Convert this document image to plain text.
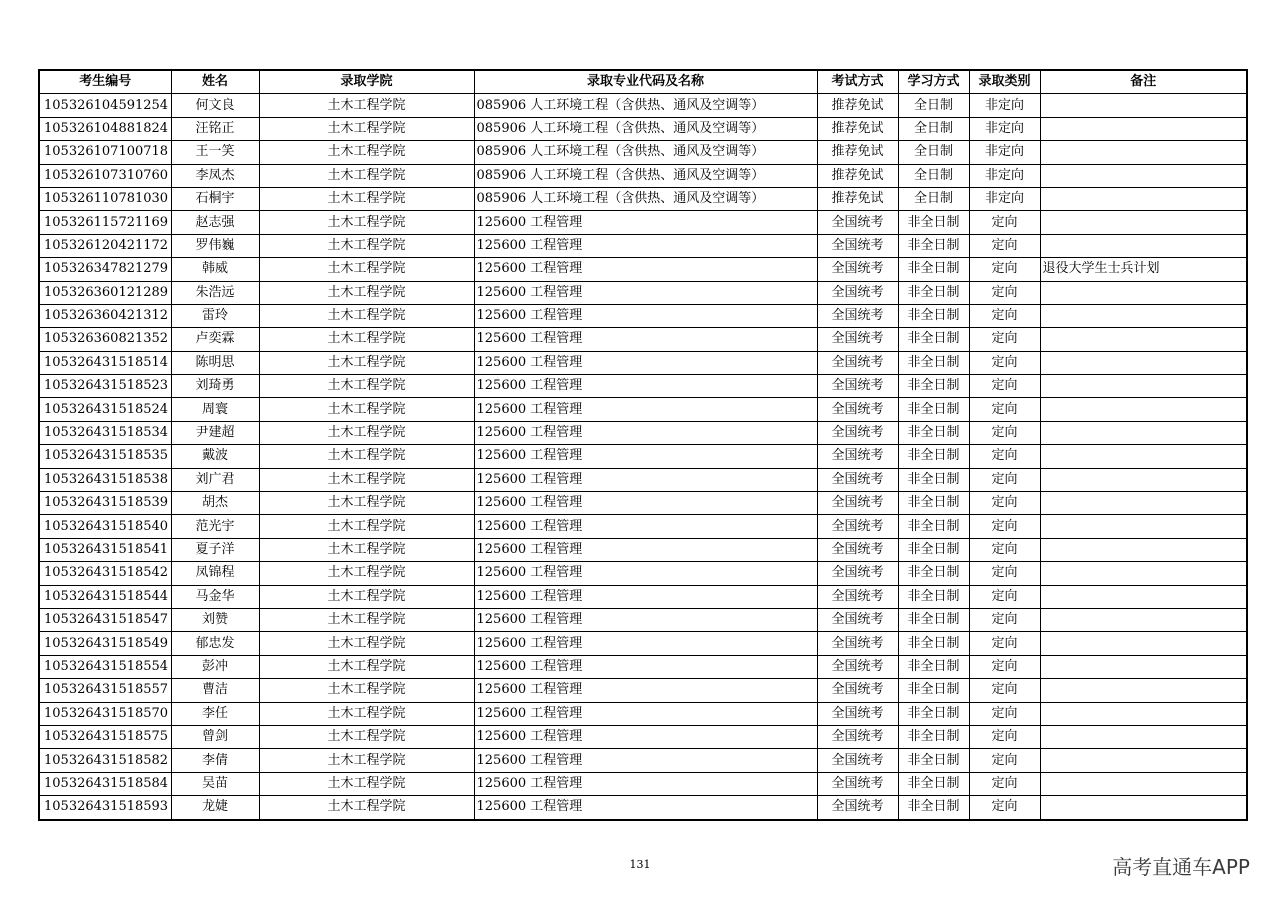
考生编号	姓名	录取学院	录取专业代码及名称	考试方式	学习方式	录取类别	备注
105326104591254	何文良	土木工程学院	085906 人工环境工程（含供热、通风及空调等）	推荐免试	全日制	非定向	
105326104881824	汪铭正	土木工程学院	085906 人工环境工程（含供热、通风及空调等）	推荐免试	全日制	非定向	
105326107100718	王一笑	土木工程学院	085906 人工环境工程（含供热、通风及空调等）	推荐免试	全日制	非定向	
105326107310760	李凤杰	土木工程学院	085906 人工环境工程（含供热、通风及空调等）	推荐免试	全日制	非定向	
105326110781030	石桐宇	土木工程学院	085906 人工环境工程（含供热、通风及空调等）	推荐免试	全日制	非定向	
105326115721169	赵志强	土木工程学院	125600 工程管理	全国统考	非全日制	定向	
105326120421172	罗伟巍	土木工程学院	125600 工程管理	全国统考	非全日制	定向	
105326347821279	韩威	土木工程学院	125600 工程管理	全国统考	非全日制	定向	退役大学生士兵计划
105326360121289	朱浩远	土木工程学院	125600 工程管理	全国统考	非全日制	定向	
105326360421312	雷玲	土木工程学院	125600 工程管理	全国统考	非全日制	定向	
105326360821352	卢奕霖	土木工程学院	125600 工程管理	全国统考	非全日制	定向	
105326431518514	陈明思	土木工程学院	125600 工程管理	全国统考	非全日制	定向	
105326431518523	刘琦勇	土木工程学院	125600 工程管理	全国统考	非全日制	定向	
105326431518524	周寰	土木工程学院	125600 工程管理	全国统考	非全日制	定向	
105326431518534	尹建超	土木工程学院	125600 工程管理	全国统考	非全日制	定向	
105326431518535	戴波	土木工程学院	125600 工程管理	全国统考	非全日制	定向	
105326431518538	刘广君	土木工程学院	125600 工程管理	全国统考	非全日制	定向	
105326431518539	胡杰	土木工程学院	125600 工程管理	全国统考	非全日制	定向	
105326431518540	范光宇	土木工程学院	125600 工程管理	全国统考	非全日制	定向	
105326431518541	夏子洋	土木工程学院	125600 工程管理	全国统考	非全日制	定向	
105326431518542	凤锦程	土木工程学院	125600 工程管理	全国统考	非全日制	定向	
105326431518544	马金华	土木工程学院	125600 工程管理	全国统考	非全日制	定向	
105326431518547	刘赞	土木工程学院	125600 工程管理	全国统考	非全日制	定向	
105326431518549	郁忠发	土木工程学院	125600 工程管理	全国统考	非全日制	定向	
105326431518554	彭冲	土木工程学院	125600 工程管理	全国统考	非全日制	定向	
105326431518557	曹洁	土木工程学院	125600 工程管理	全国统考	非全日制	定向	
105326431518570	李任	土木工程学院	125600 工程管理	全国统考	非全日制	定向	
105326431518575	曾剑	土木工程学院	125600 工程管理	全国统考	非全日制	定向	
105326431518582	李倩	土木工程学院	125600 工程管理	全国统考	非全日制	定向	
105326431518584	吴苗	土木工程学院	125600 工程管理	全国统考	非全日制	定向	
105326431518593	龙婕	土木工程学院	125600 工程管理	全国统考	非全日制	定向	
131	高考直通车APP
